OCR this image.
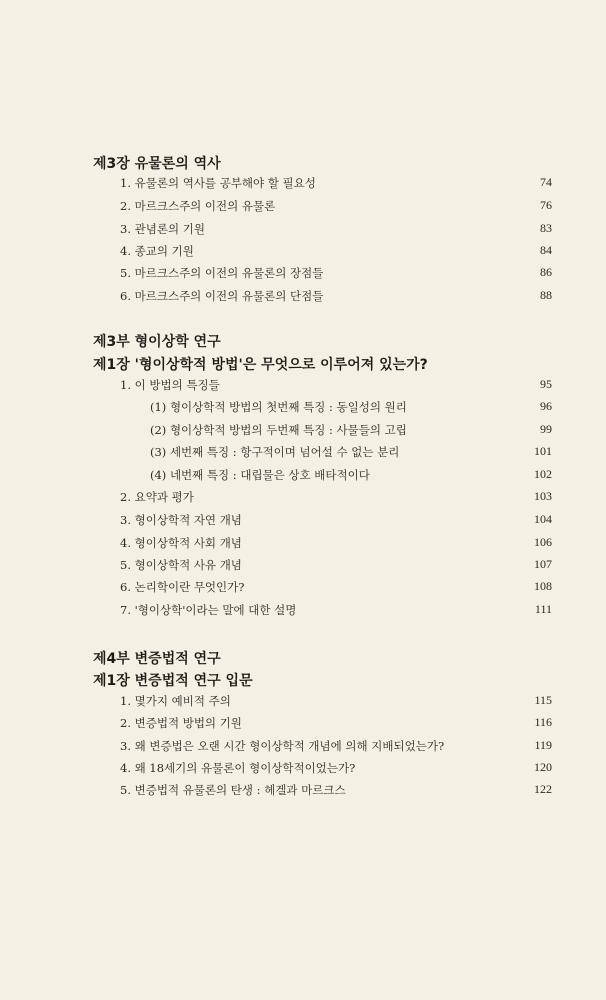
제3장 유물론의 역사
1. 유물론의 역사를 공부해야 할 필요성	74
2. 마르크스주의 이전의 유물론	76
3. 관념론의 기원	83
4. 종교의 기원	84
5. 마르크스주의 이전의 유물론의 장점들	86
6. 마르크스주의 이전의 유물론의 단점들	88
제3부 형이상학 연구
제1장 '형이상학적 방법'은 무엇으로 이루어져 있는가?
1. 이 방법의 특징들	95
(1) 형이상학적 방법의 첫번째 특징 : 동일성의 원리	96
(2) 형이상학적 방법의 두번째 특징 : 사물들의 고립	99
(3) 세번째 특징 : 항구적이며 넘어설 수 없는 분리	101
(4) 네번째 특징 : 대립물은 상호 배타적이다	102
2. 요약과 평가	103
3. 형이상학적 자연 개념	104
4. 형이상학적 사회 개념	106
5. 형이상학적 사유 개념	107
6. 논리학이란 무엇인가?	108
7. '형이상학'이라는 말에 대한 설명	111
제4부 변증법적 연구
제1장 변증법적 연구 입문
1. 몇가지 예비적 주의	115
2. 변증법적 방법의 기원	116
3. 왜 변증법은 오랜 시간 형이상학적 개념에 의해 지배되었는가?	119
4. 왜 18세기의 유물론이 형이상학적이었는가?	120
5. 변증법적 유물론의 탄생 : 헤겔과 마르크스	122
